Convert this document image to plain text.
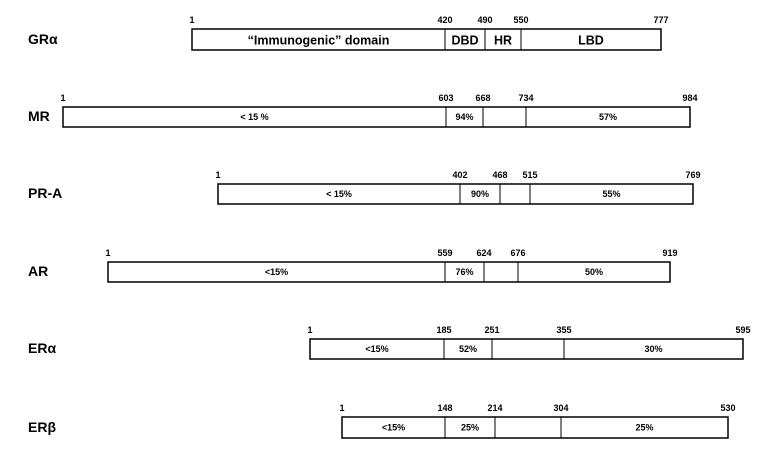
GRα
1	420	490 550	777
“Immunogenic” domain	DBD HR	LBD
MR
1	603 668	734	984
< 15 %	94%	57%
PR-A
1	402	468 515	769
< 15%	90%	55%
AR
1	559	624 676	919
<15%	76%	50%
ERα
1	185	251	355	595
<15%	52%	30%
ERβ
1	148	214	304	530
<15%	25%	25%
